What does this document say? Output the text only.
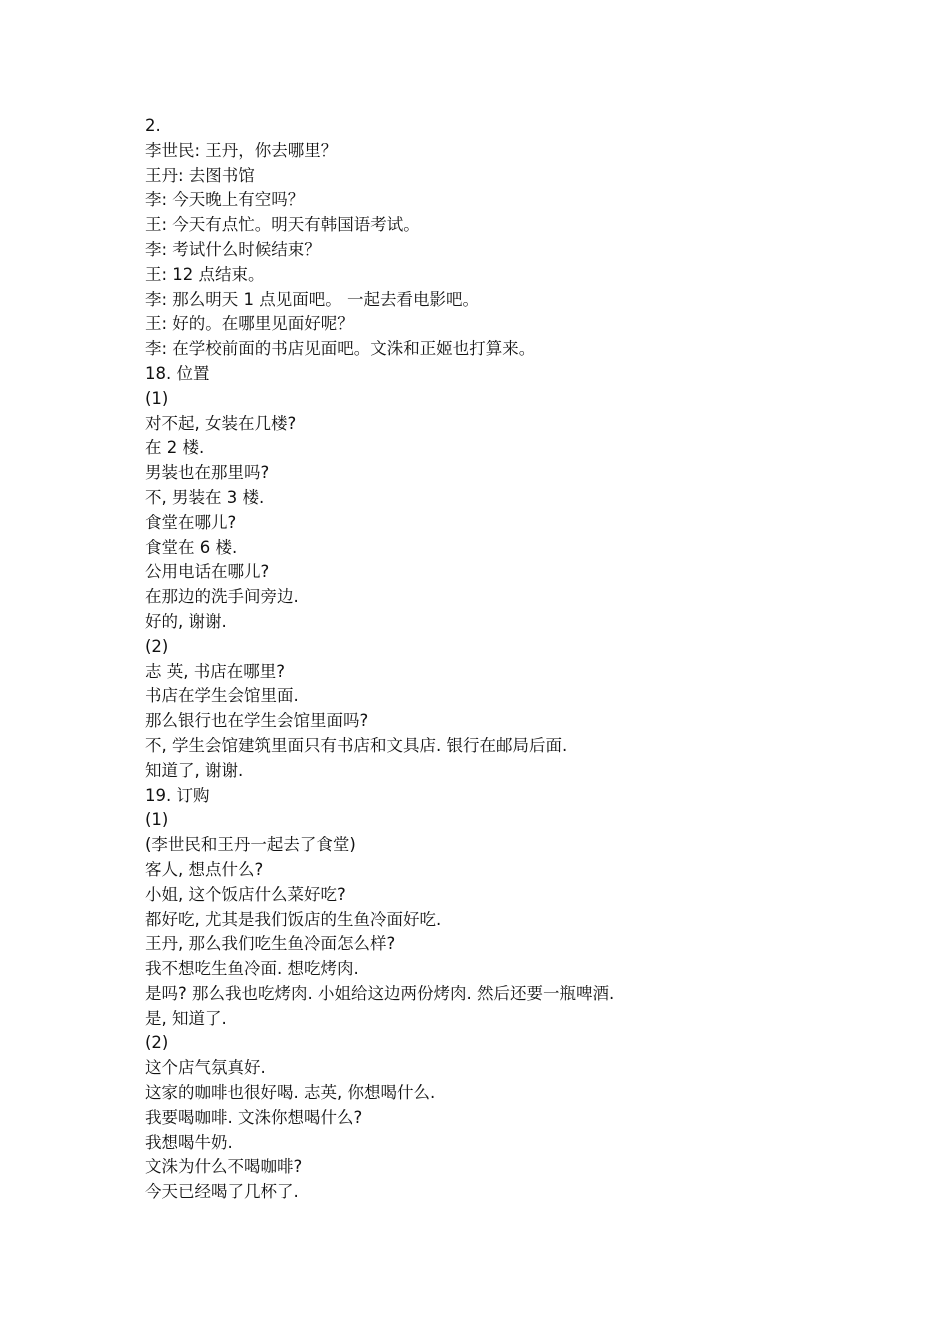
2.
李世民: 王丹，你去哪里？
王丹: 去图书馆
李: 今天晚上有空吗？
王: 今天有点忙。明天有韩国语考试。
李: 考试什么时候结束？
王: 12 点结束。
李: 那么明天 1 点见面吧。 一起去看电影吧。
王: 好的。在哪里见面好呢？
李: 在学校前面的书店见面吧。文洙和正姬也打算来。
18. 位置
(1)
对不起, 女装在几楼?
在 2 楼.
男装也在那里吗?
不, 男装在 3 楼.
食堂在哪儿?
食堂在 6 楼.
公用电话在哪儿?
在那边的洗手间旁边.
好的, 谢谢.
(2)
志 英, 书店在哪里?
书店在学生会馆里面.
那么银行也在学生会馆里面吗?
不, 学生会馆建筑里面只有书店和文具店. 银行在邮局后面.
知道了, 谢谢.
19. 订购
(1)
(李世民和王丹一起去了食堂)
客人, 想点什么?
小姐, 这个饭店什么菜好吃?
都好吃, 尤其是我们饭店的生鱼冷面好吃.
王丹, 那么我们吃生鱼冷面怎么样?
我不想吃生鱼冷面. 想吃烤肉.
是吗? 那么我也吃烤肉. 小姐给这边两份烤肉. 然后还要一瓶啤酒.
是, 知道了.
(2)
这个店气氛真好.
这家的咖啡也很好喝. 志英, 你想喝什么.
我要喝咖啡. 文洙你想喝什么?
我想喝牛奶.
文洙为什么不喝咖啡?
今天已经喝了几杯了.
